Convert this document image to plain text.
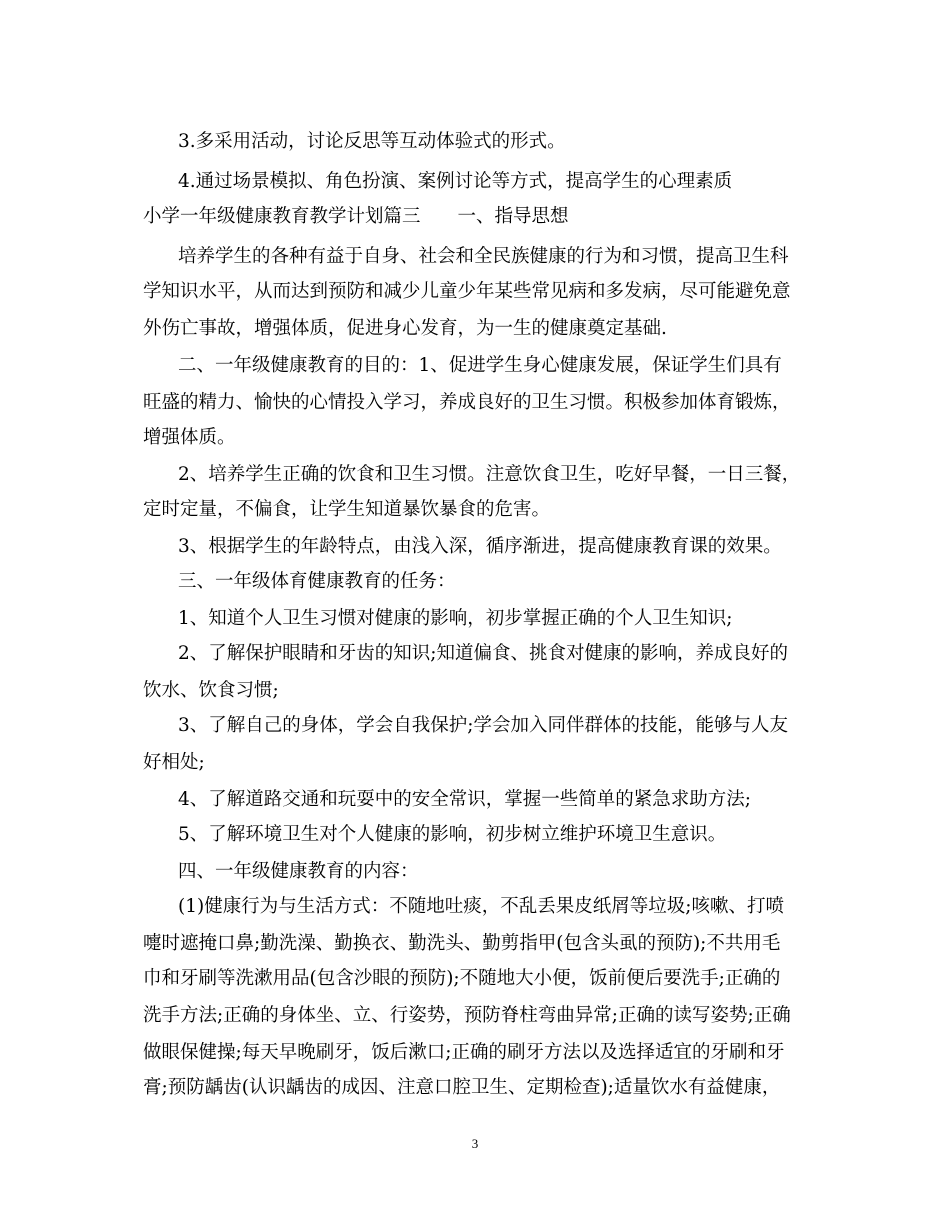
3.多采用活动，讨论反思等互动体验式的形式。
4.通过场景模拟、角色扮演、案例讨论等方式，提高学生的心理素质
小学一年级健康教育教学计划篇三　　一、指导思想
培养学生的各种有益于自身、社会和全民族健康的行为和习惯，提高卫生科
学知识水平，从而达到预防和减少儿童少年某些常见病和多发病，尽可能避免意
外伤亡事故，增强体质，促进身心发育，为一生的健康奠定基础.
二、一年级健康教育的目的：1、促进学生身心健康发展，保证学生们具有
旺盛的精力、愉快的心情投入学习，养成良好的卫生习惯。积极参加体育锻炼，
增强体质。
2、培养学生正确的饮食和卫生习惯。注意饮食卫生，吃好早餐，一日三餐，
定时定量，不偏食，让学生知道暴饮暴食的危害。
3、根据学生的年龄特点，由浅入深，循序渐进，提高健康教育课的效果。
三、一年级体育健康教育的任务：
1、知道个人卫生习惯对健康的影响，初步掌握正确的个人卫生知识;
2、了解保护眼睛和牙齿的知识;知道偏食、挑食对健康的影响，养成良好的
饮水、饮食习惯;
3、了解自己的身体，学会自我保护;学会加入同伴群体的技能，能够与人友
好相处;
4、了解道路交通和玩耍中的安全常识，掌握一些简单的紧急求助方法;
5、了解环境卫生对个人健康的影响，初步树立维护环境卫生意识。
四、一年级健康教育的内容：
(1)健康行为与生活方式：不随地吐痰，不乱丢果皮纸屑等垃圾;咳嗽、打喷
嚏时遮掩口鼻;勤洗澡、勤换衣、勤洗头、勤剪指甲(包含头虱的预防);不共用毛
巾和牙刷等洗漱用品(包含沙眼的预防);不随地大小便，饭前便后要洗手;正确的
洗手方法;正确的身体坐、立、行姿势，预防脊柱弯曲异常;正确的读写姿势;正确
做眼保健操;每天早晚刷牙，饭后漱口;正确的刷牙方法以及选择适宜的牙刷和牙
膏;预防龋齿(认识龋齿的成因、注意口腔卫生、定期检查);适量饮水有益健康，
3
